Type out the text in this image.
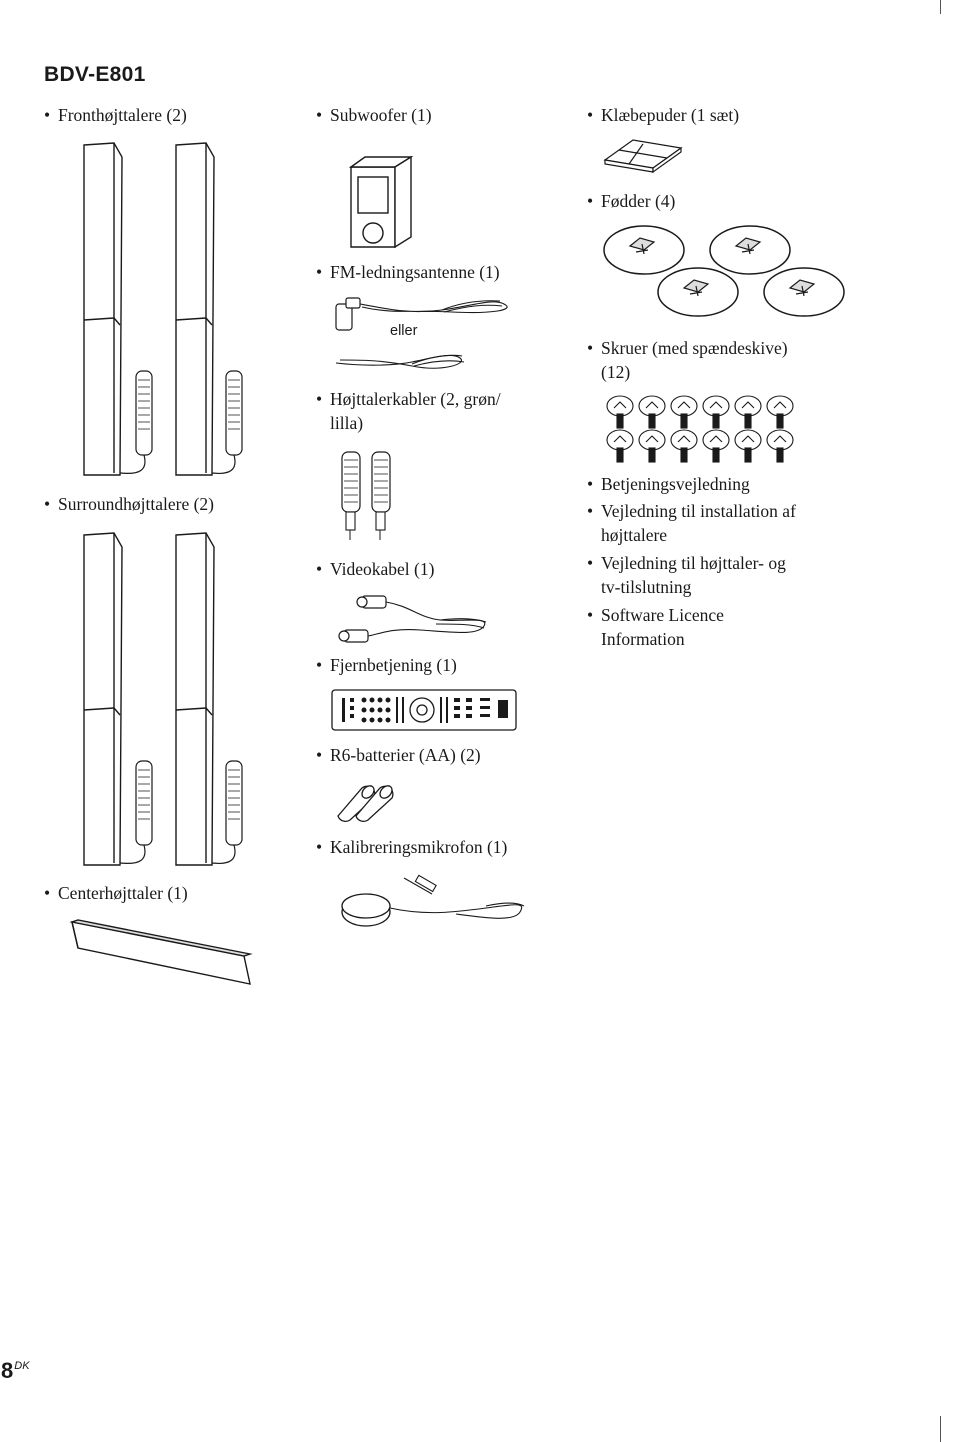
BDV-E801
• Fronthøjttalere (2)
• Surroundhøjttalere (2)
• Centerhøjttaler (1)
• Subwoofer (1)
• FM-ledningsantenne (1)
eller
• Højttalerkabler (2, grøn/
lilla)
• Videokabel (1)
• Fjernbetjening (1)
• R6-batterier (AA) (2)
• Kalibreringsmikrofon (1)
• Klæbepuder (1 sæt)
• Fødder (4)
• Skruer (med spændeskive)
(12)
• Betjeningsvejledning
• Vejledning til installation af
højttalere
• Vejledning til højttaler- og
tv-tilslutning
• Software Licence
Information
$8^{DK}$
